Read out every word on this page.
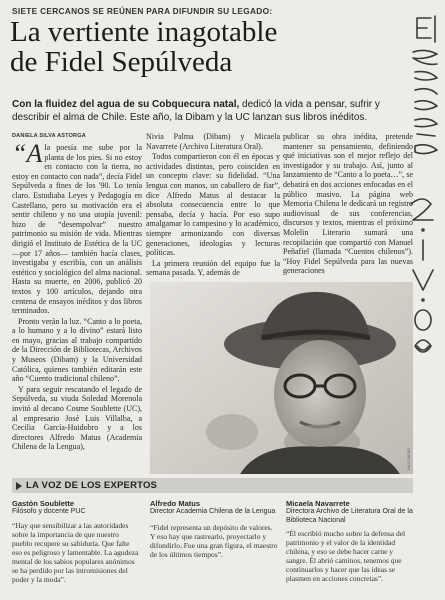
SIETE CERCANOS SE REÚNEN PARA DIFUNDIR SU LEGADO:
La vertiente inagotable
de Fidel Sepúlveda
Con la fluidez del agua de su Cobquecura natal, dedicó la vida a pensar, sufrir y describir el alma de Chile. Este año, la Dibam y la UC lanzan sus libros inéditos.
DANIELA SILVA ASTORGA

“Ala poesía me sube por la planta de los pies. Si no estoy en contacto con la tierra, no estoy en contacto con nada”, decía Fidel Sepúlveda a fines de los '90. Lo tenía claro. Estudiaba Leyes y Pedagogía en Castellano, pero su motivación era el sentir chileno y no una utopía juvenil: hizo de “desempolvar” nuestro patrimonio su misión de vida. Mientras dirigió el Instituto de Estética de la UC —por 17 años— también hacía clases, investigaba y escribía, con un análisis estético y sociológico del alma nacional. Hasta su muerte, en 2006, publicó 20 textos y 100 artículos, dejando otra centena de ensayos inéditos y dos libros terminados.

Pronto verán la luz. “Canto a lo poeta, a lo humano y a lo divino” estará listo en mayo, gracias al trabajo compartido de la Dirección de Bibliotecas, Archivos y Museos (Dibam) y la Universidad Católica, quienes también editarán este año “Cuento tradicional chileno”.

Y para seguir rescatando el legado de Sepúlveda, su viuda Soledad Morenola invitó al decano Cosme Soublette (UC), al empresario José Luis Villalba, a Cecilia García-Huidobro y a los directores Alfredo Matus (Academia Chilena de la Lengua),

Nivia Palma (Dibam) y Micaela Navarrete (Archivo Literatura Oral).

Todos compartieron con él en épocas y actividades distintas, pero coinciden en un concepto clave: su fidelidad. “Una lengua con manos, un caballero de fiar”, dice Alfredo Matus al destacar la absoluta consecuencia entre lo que pensaba, decía y hacía. Por eso supo amalgamar lo campesino y lo académico, siempre armonizando con diversas generaciones, ideologías y lecturas políticas.

La primera reunión del equipo fue la semana pasada. Y, además de

publicar su obra inédita, pretende mantener su pensamiento, definiendo qué iniciativas son el mejor reflejo del investigador y su trabajo. Así, junto al lanzamiento de “Canto a lo poeta…”, se debatirá en dos acciones enfocadas en el público masivo. La página web Memoria Chilena le dedicará un registro audiovisual de sus conferencias, discursos y textos, mientras el próximo Molelin Literario sumará una recopilación que compartió con Manuel Peñafiel (llamada “Cuentos chilenos”). “Hoy Fidel Sepúlveda para las nuevas generaciones

HILO SACRO
LA VOZ DE LOS EXPERTOS
Gastón Soublette
Filósofo y docente PUC
“Hay que sensibilizar a las autoridades sobre la importancia de que nuestro pueblo recupere su sabiduría. Que falte eso es peligroso y lamentable. La agudeza mental de los sabios populares anónimos se ha perdido por las intromisiones del poder y la moda”.
Alfredo Matus
Director Academia Chilena de la Lengua
“Fidel representa un depósito de valores. Y eso hay que rastrearlo, proyectarlo y difundirlo. Fue una gran figura, el maestro de los últimos tiempos”.
Micaela Navarrete
Directora Archivo de Literatura Oral de la Biblioteca Nacional
“Él escribió mucho sobre la defensa del patrimonio y el valor de la identidad chilena, y eso se debe hacer carne y sangre. Él abrió caminos, tenemos que continuarlos y hacer que las ideas se plasmen en acciones concretas”.
